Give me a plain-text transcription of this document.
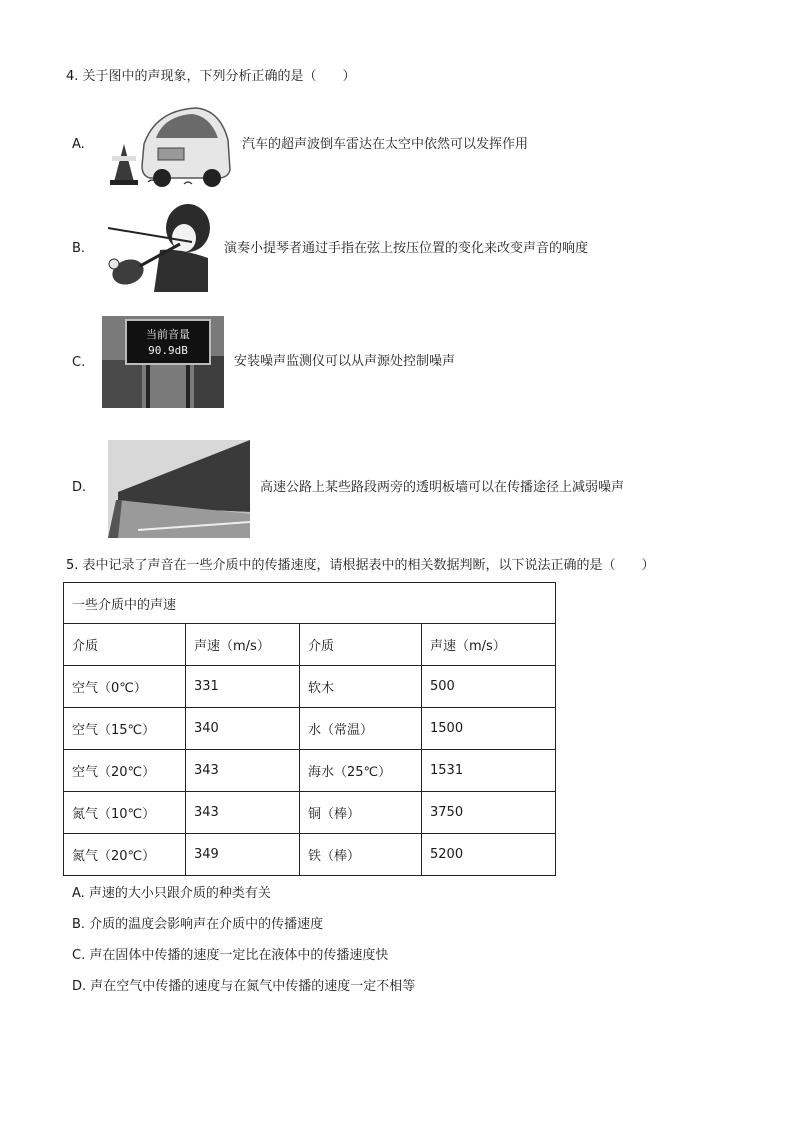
4. 关于图中的声现象，下列分析正确的是（　　）
A.	汽车的超声波倒车雷达在太空中依然可以发挥作用
B.	演奏小提琴者通过手指在弦上按压位置的变化来改变声音的响度
C.
当前音量
90.9dB
安装噪声监测仪可以从声源处控制噪声
D.	高速公路上某些路段两旁的透明板墙可以在传播途径上减弱噪声
5. 表中记录了声音在一些介质中的传播速度，请根据表中的相关数据判断，以下说法正确的是（　　）
一些介质中的声速			
介质	声速（m/s）	介质	声速（m/s）
空气（0℃）	331	软木	500
空气（15℃）	340	水（常温）	1500
空气（20℃）	343	海水（25℃）	1531
氮气（10℃）	343	铜（棒）	3750
氮气（20℃）	349	铁（棒）	5200
A. 声速的大小只跟介质的种类有关
B. 介质的温度会影响声在介质中的传播速度
C. 声在固体中传播的速度一定比在液体中的传播速度快
D. 声在空气中传播的速度与在氮气中传播的速度一定不相等
